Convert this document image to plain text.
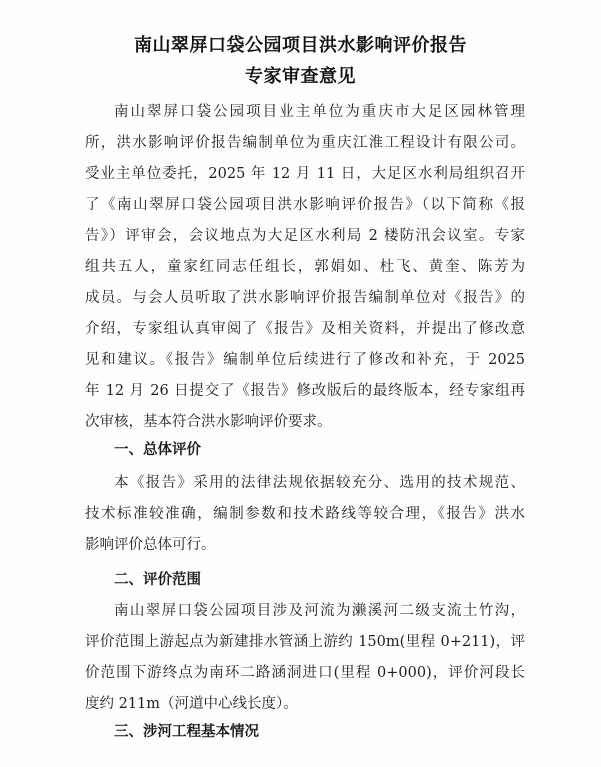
南山翠屏口袋公园项目洪水影响评价报告
专家审查意见
南山翠屏口袋公园项目业主单位为重庆市大足区园林管理
所，洪水影响评价报告编制单位为重庆江淮工程设计有限公司。
受业主单位委托，2025 年 12 月 11 日，大足区水利局组织召开
了《南山翠屏口袋公园项目洪水影响评价报告》（以下简称《报
告》）评审会，会议地点为大足区水利局 2 楼防汛会议室。专家
组共五人，童家红同志任组长，郭娟如、杜飞、黄奎、陈芳为
成员。与会人员听取了洪水影响评价报告编制单位对《报告》的
介绍，专家组认真审阅了《报告》及相关资料，并提出了修改意
见和建议。《报告》编制单位后续进行了修改和补充，于 2025
年 12 月 26 日提交了《报告》修改版后的最终版本，经专家组再
次审核，基本符合洪水影响评价要求。
一、总体评价
本《报告》采用的法律法规依据较充分、选用的技术规范、
技术标准较准确，编制参数和技术路线等较合理，《报告》洪水
影响评价总体可行。
二、评价范围
南山翠屏口袋公园项目涉及河流为濑溪河二级支流土竹沟，
评价范围上游起点为新建排水管涵上游约 150m(里程 0+211)，评
价范围下游终点为南环二路涵洞进口(里程 0+000)，评价河段长
度约 211m（河道中心线长度）。
三、涉河工程基本情况
